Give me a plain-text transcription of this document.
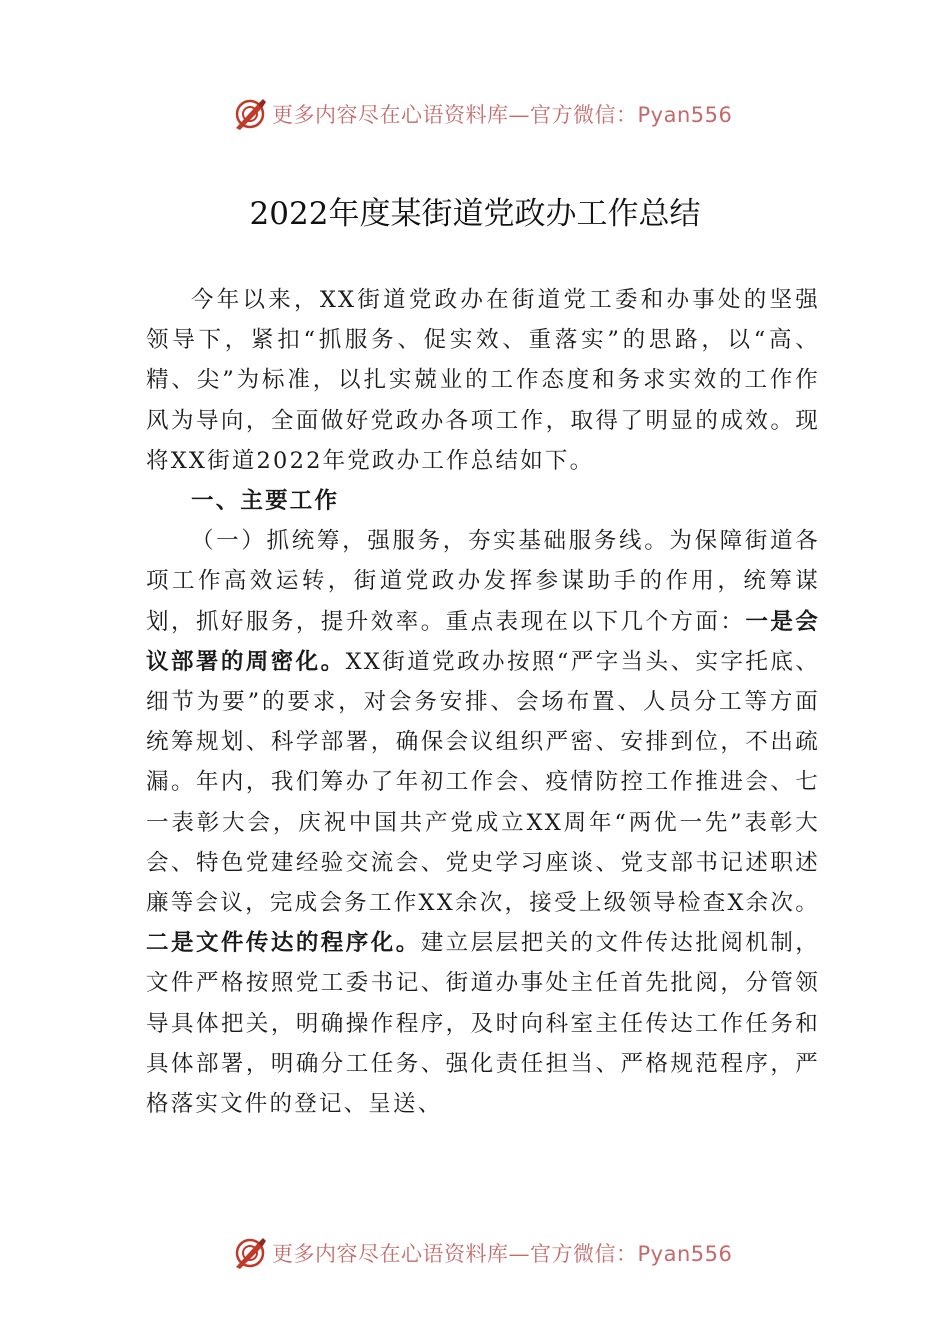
更多内容尽在心语资料库—官方微信：Pyan556
2022年度某街道党政办工作总结

今年以来，XX街道党政办在街道党工委和办事处的坚强领导下，紧扣“抓服务、促实效、重落实”的思路，以“高、精、尖”为标准，以扎实兢业的工作态度和务求实效的工作作风为导向，全面做好党政办各项工作，取得了明显的成效。现将XX街道2022年党政办工作总结如下。

一、主要工作

（一）抓统筹，强服务，夯实基础服务线。为保障街道各项工作高效运转，街道党政办发挥参谋助手的作用，统筹谋划，抓好服务，提升效率。重点表现在以下几个方面：一是会议部署的周密化。XX街道党政办按照“严字当头、实字托底、细节为要”的要求，对会务安排、会场布置、人员分工等方面统筹规划、科学部署，确保会议组织严密、安排到位，不出疏漏。年内，我们筹办了年初工作会、疫情防控工作推进会、七一表彰大会，庆祝中国共产党成立XX周年“两优一先”表彰大会、特色党建经验交流会、党史学习座谈、党支部书记述职述廉等会议，完成会务工作XX余次，接受上级领导检查X余次。二是文件传达的程序化。建立层层把关的文件传达批阅机制，文件严格按照党工委书记、街道办事处主任首先批阅，分管领导具体把关，明确操作程序，及时向科室主任传达工作任务和具体部署，明确分工任务、强化责任担当、严格规范程序，严格落实文件的登记、呈送、

更多内容尽在心语资料库—官方微信：Pyan556
